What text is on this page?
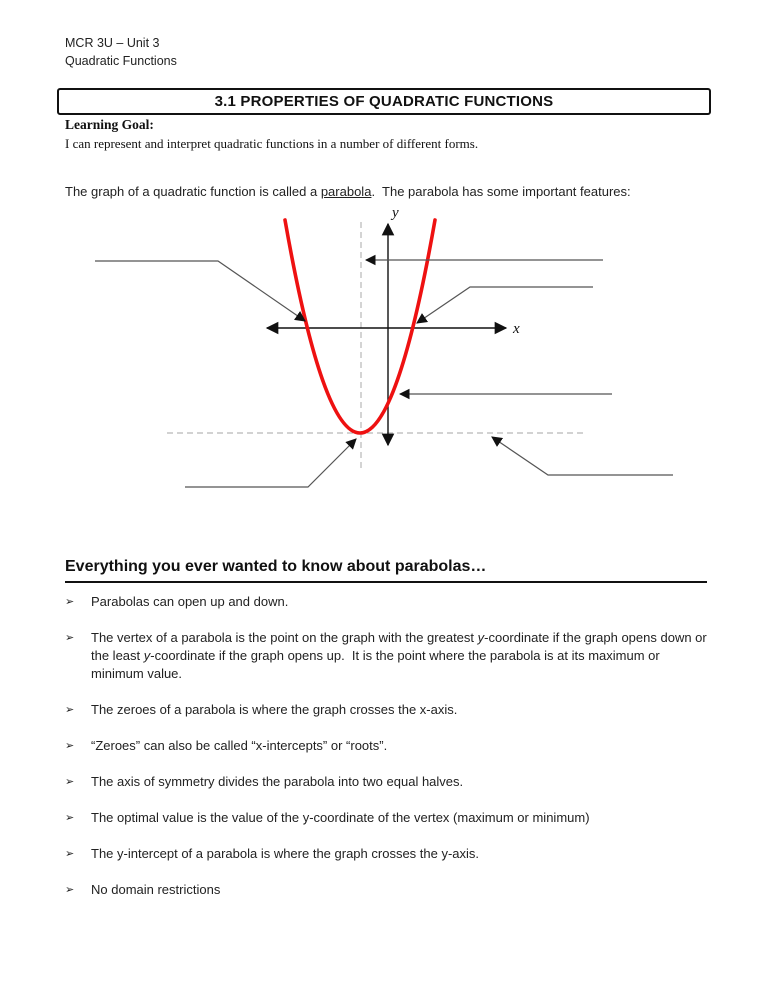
MCR 3U – Unit 3
Quadratic Functions
3.1 PROPERTIES OF QUADRATIC FUNCTIONS
Learning Goal:
I can represent and interpret quadratic functions in a number of different forms.

The graph of a quadratic function is called a parabola.  The parabola has some important features:

y
x
Everything you ever wanted to know about parabolas…
➢	Parabolas can open up and down.
➢	The vertex of a parabola is the point on the graph with the greatest y-coordinate if the graph opens down or the least y-coordinate if the graph opens up.  It is the point where the parabola is at its maximum or minimum value.
➢	The zeroes of a parabola is where the graph crosses the x-axis.
➢	“Zeroes” can also be called “x-intercepts” or “roots”.
➢	The axis of symmetry divides the parabola into two equal halves.
➢	The optimal value is the value of the y-coordinate of the vertex (maximum or minimum)
➢	The y-intercept of a parabola is where the graph crosses the y-axis.
➢	No domain restrictions
